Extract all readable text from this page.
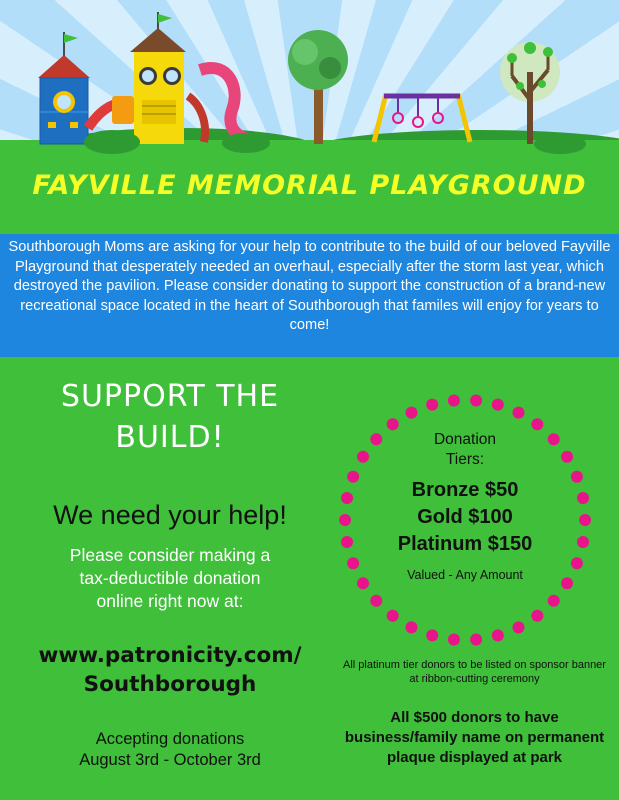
FAYVILLE MEMORIAL PLAYGROUND
Southborough Moms are asking for your help to contribute to the build of our beloved Fayville Playground that desperately needed an overhaul, especially after the storm last year, which destroyed the pavilion. Please consider donating to support the construction of a brand-new recreational space located in the heart of Southborough that familes will enjoy for years to come!

SUPPORT THE
BUILD!

We need your help!
Please consider making a
tax-deductible donation
online right now at:
www.patronicity.com/
Southborough
Accepting donations
August 3rd - October 3rd
Donation
Tiers:
Bronze $50
Gold $100
Platinum $150
Valued - Any Amount
All platinum tier donors to be listed on sponsor banner at ribbon-cutting ceremony
All $500 donors to have business/family name on permanent plaque displayed at park
